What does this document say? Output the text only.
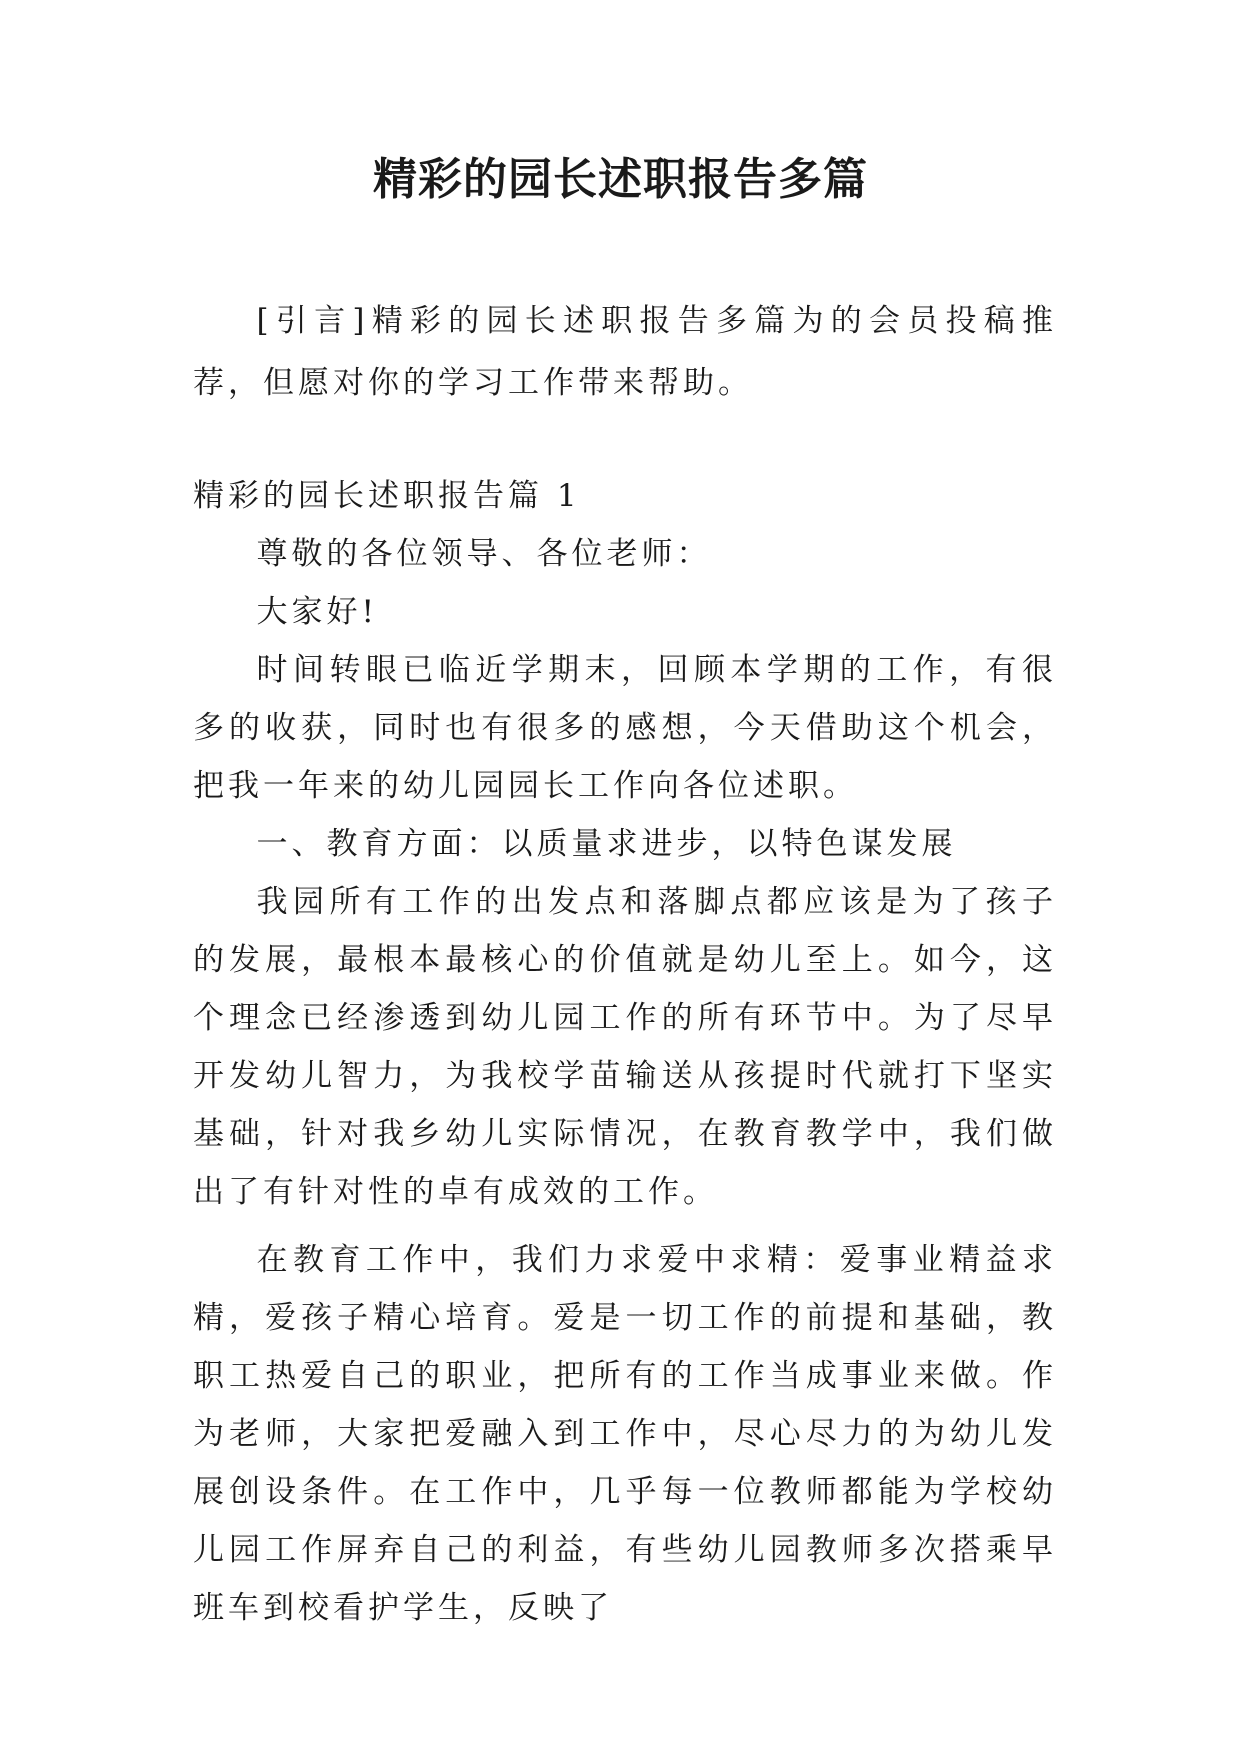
精彩的园长述职报告多篇

[引言]精彩的园长述职报告多篇为的会员投稿推荐，但愿对你的学习工作带来帮助。

精彩的园长述职报告篇 1

尊敬的各位领导、各位老师：

大家好!

时间转眼已临近学期末，回顾本学期的工作，有很多的收获，同时也有很多的感想，今天借助这个机会，把我一年来的幼儿园园长工作向各位述职。

一、教育方面：以质量求进步，以特色谋发展

我园所有工作的出发点和落脚点都应该是为了孩子的发展，最根本最核心的价值就是幼儿至上。如今，这个理念已经渗透到幼儿园工作的所有环节中。为了尽早开发幼儿智力，为我校学苗输送从孩提时代就打下坚实基础，针对我乡幼儿实际情况，在教育教学中，我们做出了有针对性的卓有成效的工作。

在教育工作中，我们力求爱中求精：爱事业精益求精，爱孩子精心培育。爱是一切工作的前提和基础，教职工热爱自己的职业，把所有的工作当成事业来做。作为老师，大家把爱融入到工作中，尽心尽力的为幼儿发展创设条件。在工作中，几乎每一位教师都能为学校幼儿园工作屏弃自己的利益，有些幼儿园教师多次搭乘早班车到校看护学生，反映了
